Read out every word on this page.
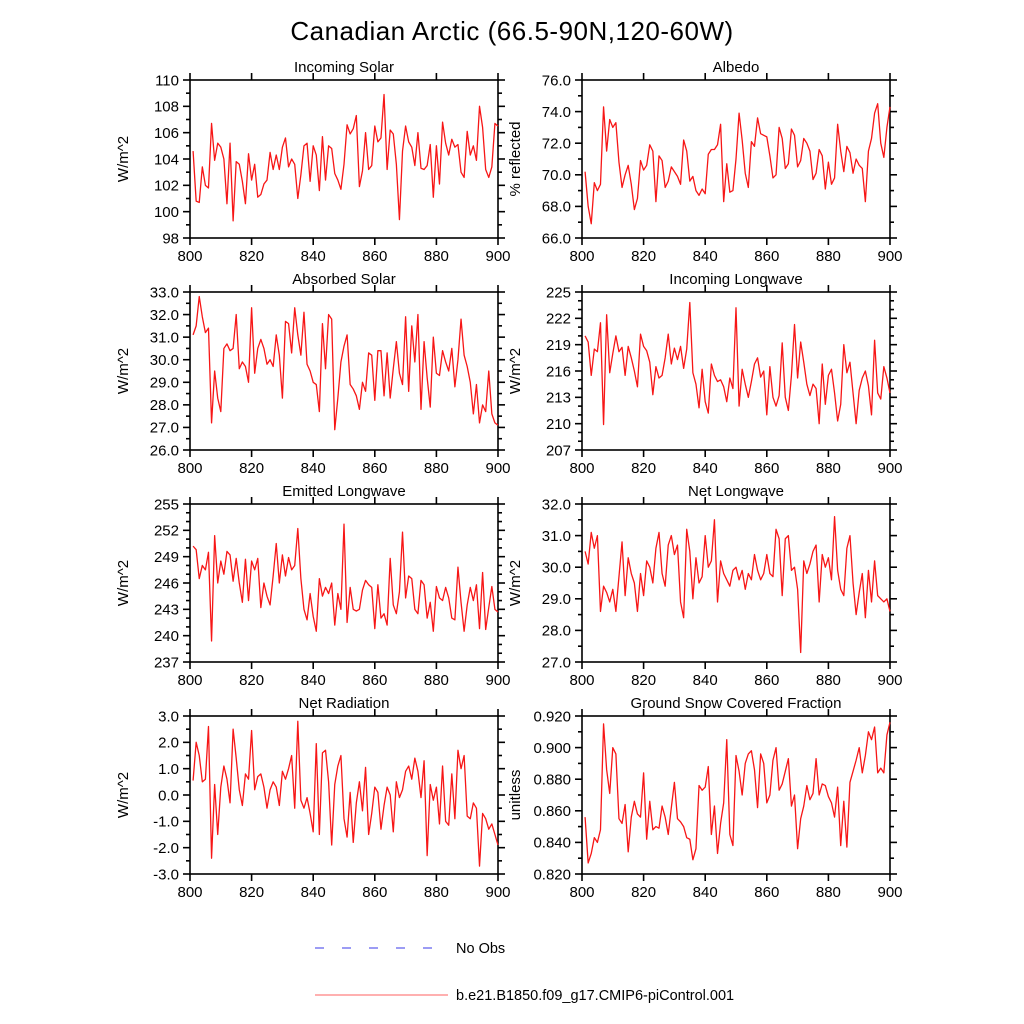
Canadian Arctic (66.5-90N,120-60W)
98
100
102
104
106
108
110
800 820 840 860 880 900
Incoming Solar
W/m^2
66.0
68.0
70.0
72.0
74.0
76.0
800 820 840 860 880 900
Albedo
% reflected
26.0
27.0
28.0
29.0
30.0
31.0
32.0
33.0
800 820 840 860 880 900
Absorbed Solar
W/m^2
207
210
213
216
219
222
225
800 820 840 860 880 900
Incoming Longwave
W/m^2
237
240
243
246
249
252
255
800 820 840 860 880 900
Emitted Longwave
W/m^2
27.0
28.0
29.0
30.0
31.0
32.0
800 820 840 860 880 900
Net Longwave
W/m^2
-3.0
-2.0
-1.0
0.0
1.0
2.0
3.0
800 820 840 860 880 900
Net Radiation
W/m^2
0.820
0.840
0.860
0.880
0.900
0.920
800 820 840 860 880 900
Ground Snow Covered Fraction
unitless
No Obs
b.e21.B1850.f09_g17.CMIP6-piControl.001
